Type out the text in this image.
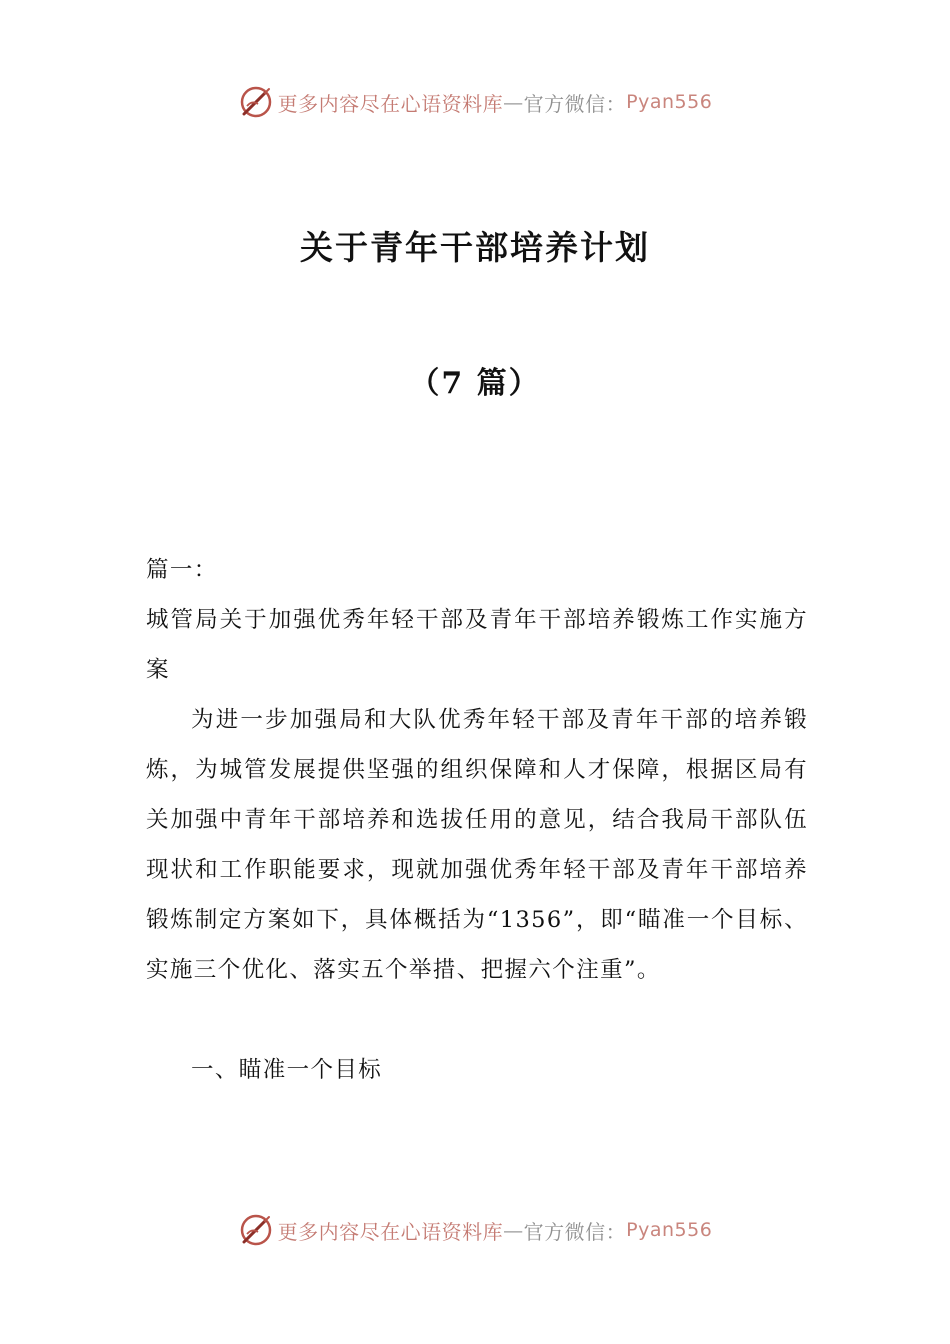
更多内容尽在心语资料库 — 官方微信： Pyan556
关于青年干部培养计划
（7 篇）

篇一：

城管局关于加强优秀年轻干部及青年干部培养锻炼工作实施方案

为进一步加强局和大队优秀年轻干部及青年干部的培养锻炼，为城管发展提供坚强的组织保障和人才保障，根据区局有关加强中青年干部培养和选拔任用的意见，结合我局干部队伍现状和工作职能要求，现就加强优秀年轻干部及青年干部培养锻炼制定方案如下，具体概括为“1356”，即“瞄准一个目标、实施三个优化、落实五个举措、把握六个注重”。

一、瞄准一个目标

更多内容尽在心语资料库 — 官方微信： Pyan556
